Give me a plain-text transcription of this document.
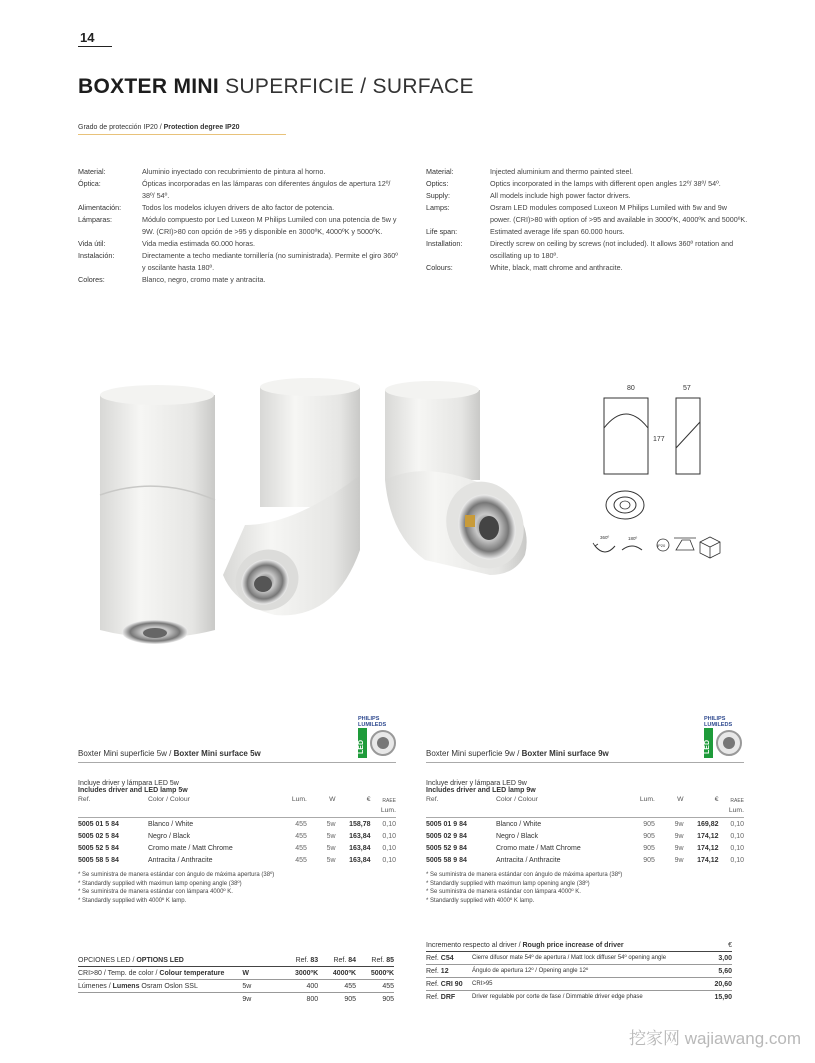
14
BOXTER MINI SUPERFICIE / SURFACE
Grado de protección IP20 / Protection degree IP20
Material:	Aluminio inyectado con recubrimiento de pintura al horno.
Óptica:	Ópticas incorporadas en las lámparas con diferentes ángulos de apertura 12º/ 38º/ 54º.
Alimentación:	Todos los modelos icluyen drivers de alto factor de potencia.
Lámparas:	Módulo compuesto por Led Luxeon M Philips Lumiled con una potencia de 5w y 9W. (CRI)>80 con opción de >95 y disponible en 3000ºK, 4000ºK y 5000ºK.
Vida útil:	Vida media estimada 60.000 horas.
Instalación:	Directamente a techo mediante tornillería (no suministrada). Permite el giro 360º y oscilante hasta 180º.
Colores:	Blanco, negro, cromo mate y antracita.
Material:	Injected aluminium and thermo painted steel.
Optics:	Optics incorporated in the lamps with different open angles 12º/ 38º/ 54º.
Supply:	All models include high power factor drivers.
Lamps:	Osram LED modules composed Luxeon M Philips Lumiled with 5w and 9w power. (CRI)>80 with option of >95 and available in 3000ºK, 4000ºK and 5000ºK.
Life span:	Estimated average life span 60.000 hours.
Installation:	Directly screw on ceiling by screws (not included). It allows 360º rotation and oscillating up to 180º.
Colours:	White, black, matt chrome and anthracite.
80	57
177
360º	180º
IP20
PHILIPS
LUMILEDS
LED
Boxter Mini superficie 5w / Boxter Mini surface 5w
Incluye driver y lámpara LED 5w
Includes driver and LED lamp 5w
Ref.	Color / Colour	Lum.	W	€	RAEE
					Lum.

5005 01 5 84	Blanco / White	455	5w	158,78	0,10
5005 02 5 84	Negro / Black	455	5w	163,84	0,10
5005 52 5 84	Cromo mate / Matt Chrome	455	5w	163,84	0,10
5005 58 5 84	Antracita / Anthracite	455	5w	163,84	0,10
* Se suministra de manera estándar con ángulo de máxima apertura (38º)
* Standardly supplied with maximun lamp opening angle (38º)
* Se suministra de manera estándar con lámpara 4000º K.
* Standardly supplied with 4000º K lamp.
PHILIPS
LUMILEDS
LED
Boxter Mini superficie 9w / Boxter Mini surface 9w
Incluye driver y lámpara LED 9w
Includes driver and LED lamp 9w
Ref.	Color / Colour	Lum.	W	€	RAEE
					Lum.

5005 01 9 84	Blanco / White	905	9w	169,82	0,10
5005 02 9 84	Negro / Black	905	9w	174,12	0,10
5005 52 9 84	Cromo mate / Matt Chrome	905	9w	174,12	0,10
5005 58 9 84	Antracita / Anthracite	905	9w	174,12	0,10
* Se suministra de manera estándar con ángulo de máxima apertura (38º)
* Standardly supplied with maximun lamp opening angle (38º)
* Se suministra de manera estándar con lámpara 4000º K.
* Standardly supplied with 4000º K lamp.
OPCIONES LED / OPTIONS LED		Ref. 83	Ref. 84	Ref. 85

CRI>80 / Temp. de color / Colour temperature	W	3000ºK	4000ºK	5000ºK

Lúmenes / Lumens Osram Oslon SSL	5w	400	455	455

	9w	800	905	905
Incremento respecto al driver / Rough price increase of driver		€

Ref. C54	Cierre difusor mate 54º de apertura / Matt lock diffuser 54º opening angle	3,00

Ref. 12	Ángulo de apertura 12º / Opening angle 12º	5,60

Ref. CRI 90	CRI>95	20,60

Ref. DRF	Driver regulable por corte de fase / Dimmable driver edge phase	15,90
挖家网 wajiawang.com
